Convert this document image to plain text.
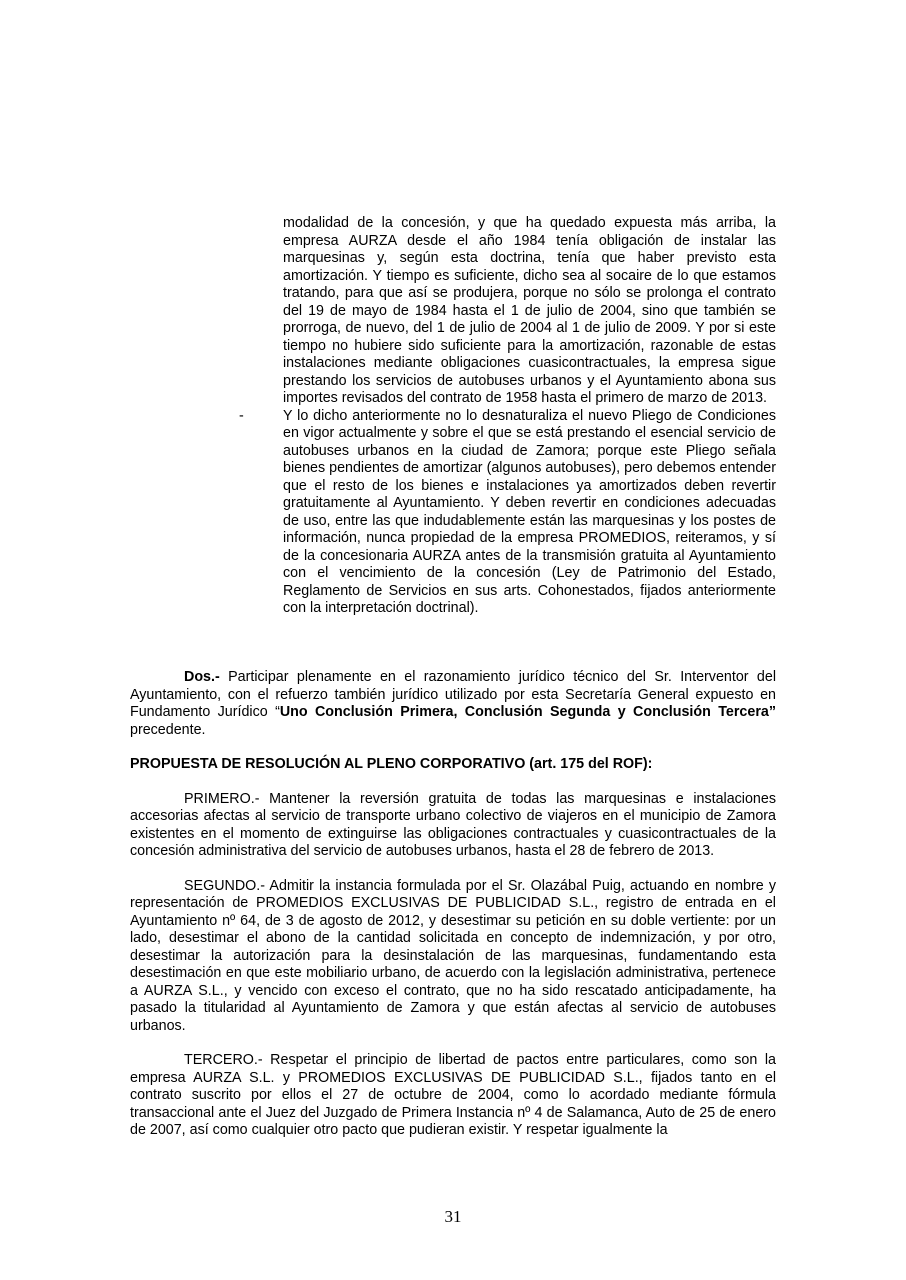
modalidad de la concesión, y que ha quedado expuesta más arriba, la empresa AURZA desde el año 1984 tenía obligación de instalar las marquesinas y, según esta doctrina, tenía que haber previsto esta amortización. Y tiempo es suficiente, dicho sea al socaire de lo que estamos tratando, para que así se produjera, porque no sólo se prolonga el contrato del 19 de mayo de 1984 hasta el 1 de julio de 2004, sino que también se prorroga, de nuevo, del 1 de julio de 2004 al 1 de julio de 2009. Y por si este tiempo no hubiere sido suficiente para la amortización, razonable de estas instalaciones mediante obligaciones cuasicontractuales, la empresa sigue prestando los servicios de autobuses urbanos y el Ayuntamiento abona sus importes revisados del contrato de 1958 hasta el primero de marzo de 2013.

-	Y lo dicho anteriormente no lo desnaturaliza el nuevo Pliego de Condiciones en vigor actualmente y sobre el que se está prestando el esencial servicio de autobuses urbanos en la ciudad de Zamora; porque este Pliego señala bienes pendientes de amortizar (algunos autobuses), pero debemos entender que el resto de los bienes e instalaciones ya amortizados deben revertir gratuitamente al Ayuntamiento. Y deben revertir en condiciones adecuadas de uso, entre las que indudablemente están las marquesinas y los postes de información, nunca propiedad de la empresa PROMEDIOS, reiteramos, y sí de la concesionaria AURZA antes de la transmisión gratuita al Ayuntamiento con el vencimiento de la concesión (Ley de Patrimonio del Estado, Reglamento de Servicios en sus arts. Cohonestados, fijados anteriormente con la interpretación doctrinal).

Dos.- Participar plenamente en el razonamiento jurídico técnico del Sr. Interventor del Ayuntamiento, con el refuerzo también jurídico utilizado por esta Secretaría General expuesto en Fundamento Jurídico “Uno Conclusión Primera, Conclusión Segunda y Conclusión Tercera” precedente.

PROPUESTA DE RESOLUCIÓN AL PLENO CORPORATIVO (art. 175 del ROF):

PRIMERO.- Mantener la reversión gratuita de todas las marquesinas e instalaciones accesorias afectas al servicio de transporte urbano colectivo de viajeros en el municipio de Zamora existentes en el momento de extinguirse las obligaciones contractuales y cuasicontractuales de la concesión administrativa del servicio de autobuses urbanos, hasta el 28 de febrero de 2013.

SEGUNDO.- Admitir la instancia formulada por el Sr. Olazábal Puig, actuando en nombre y representación de PROMEDIOS EXCLUSIVAS DE PUBLICIDAD S.L., registro de entrada en el Ayuntamiento nº 64, de 3 de agosto de 2012, y desestimar su petición en su doble vertiente: por un lado, desestimar el abono de la cantidad solicitada en concepto de indemnización, y por otro, desestimar la autorización para la desinstalación de las marquesinas, fundamentando esta desestimación en que este mobiliario urbano, de acuerdo con la legislación administrativa, pertenece a AURZA S.L., y vencido con exceso el contrato, que no ha sido rescatado anticipadamente, ha pasado la titularidad al Ayuntamiento de Zamora y que están afectas al servicio de autobuses urbanos.

TERCERO.- Respetar el principio de libertad de pactos entre particulares, como son la empresa AURZA S.L. y PROMEDIOS EXCLUSIVAS DE PUBLICIDAD S.L., fijados tanto en el contrato suscrito por ellos el 27 de octubre de 2004, como lo acordado mediante fórmula transaccional ante el Juez del Juzgado de Primera Instancia nº 4 de Salamanca, Auto de 25 de enero de 2007, así como cualquier otro pacto que pudieran existir. Y respetar igualmente la

31
